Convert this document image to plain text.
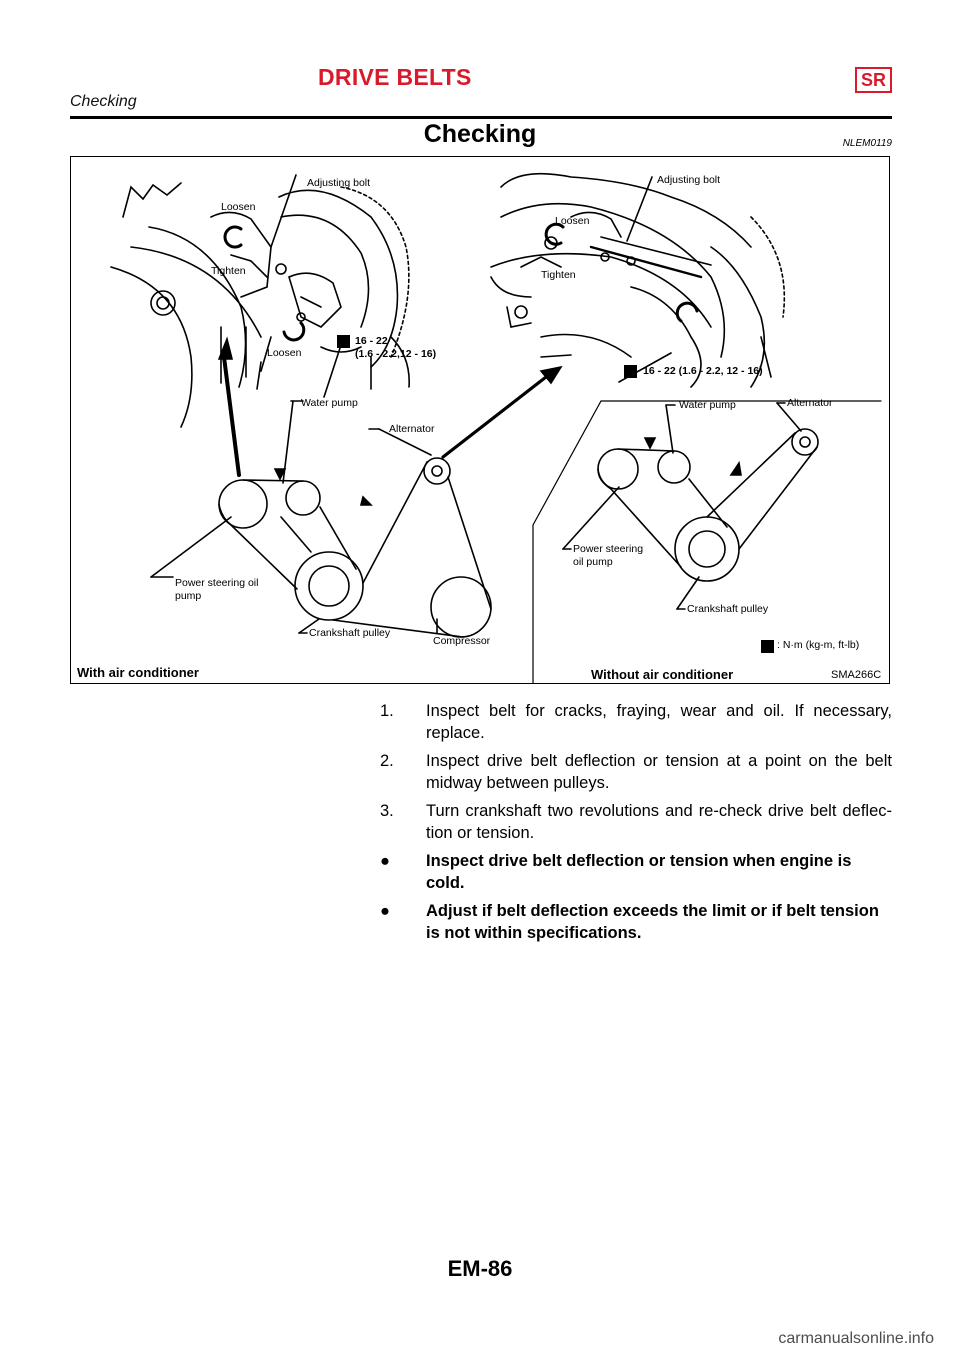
DRIVE BELTS	SR
Checking
Checking	NLEM0119
Adjusting bolt
Loosen
Tighten
Loosen
16 - 22
(1.6 - 2.2,12 - 16)
Water pump
Alternator
Power steering oil
pump
Crankshaft pulley
Compressor
With air conditioner
Adjusting bolt
Loosen
Tighten
16 - 22 (1.6 - 2.2, 12 - 16)
Water pump	Alternator
Power steering
oil pump
Crankshaft pulley
: N·m (kg-m, ft-lb)
Without air conditioner	SMA266C
1. Inspect belt for cracks, fraying, wear and oil. If necessary, replace.
2. Inspect drive belt deflection or tension at a point on the belt midway between pulleys.
3. Turn crankshaft two revolutions and re-check drive belt deflec-tion or tension.
● Inspect drive belt deflection or tension when engine is cold.
● Adjust if belt deflection exceeds the limit or if belt tension is not within specifications.
EM-86
carmanualsonline.info
